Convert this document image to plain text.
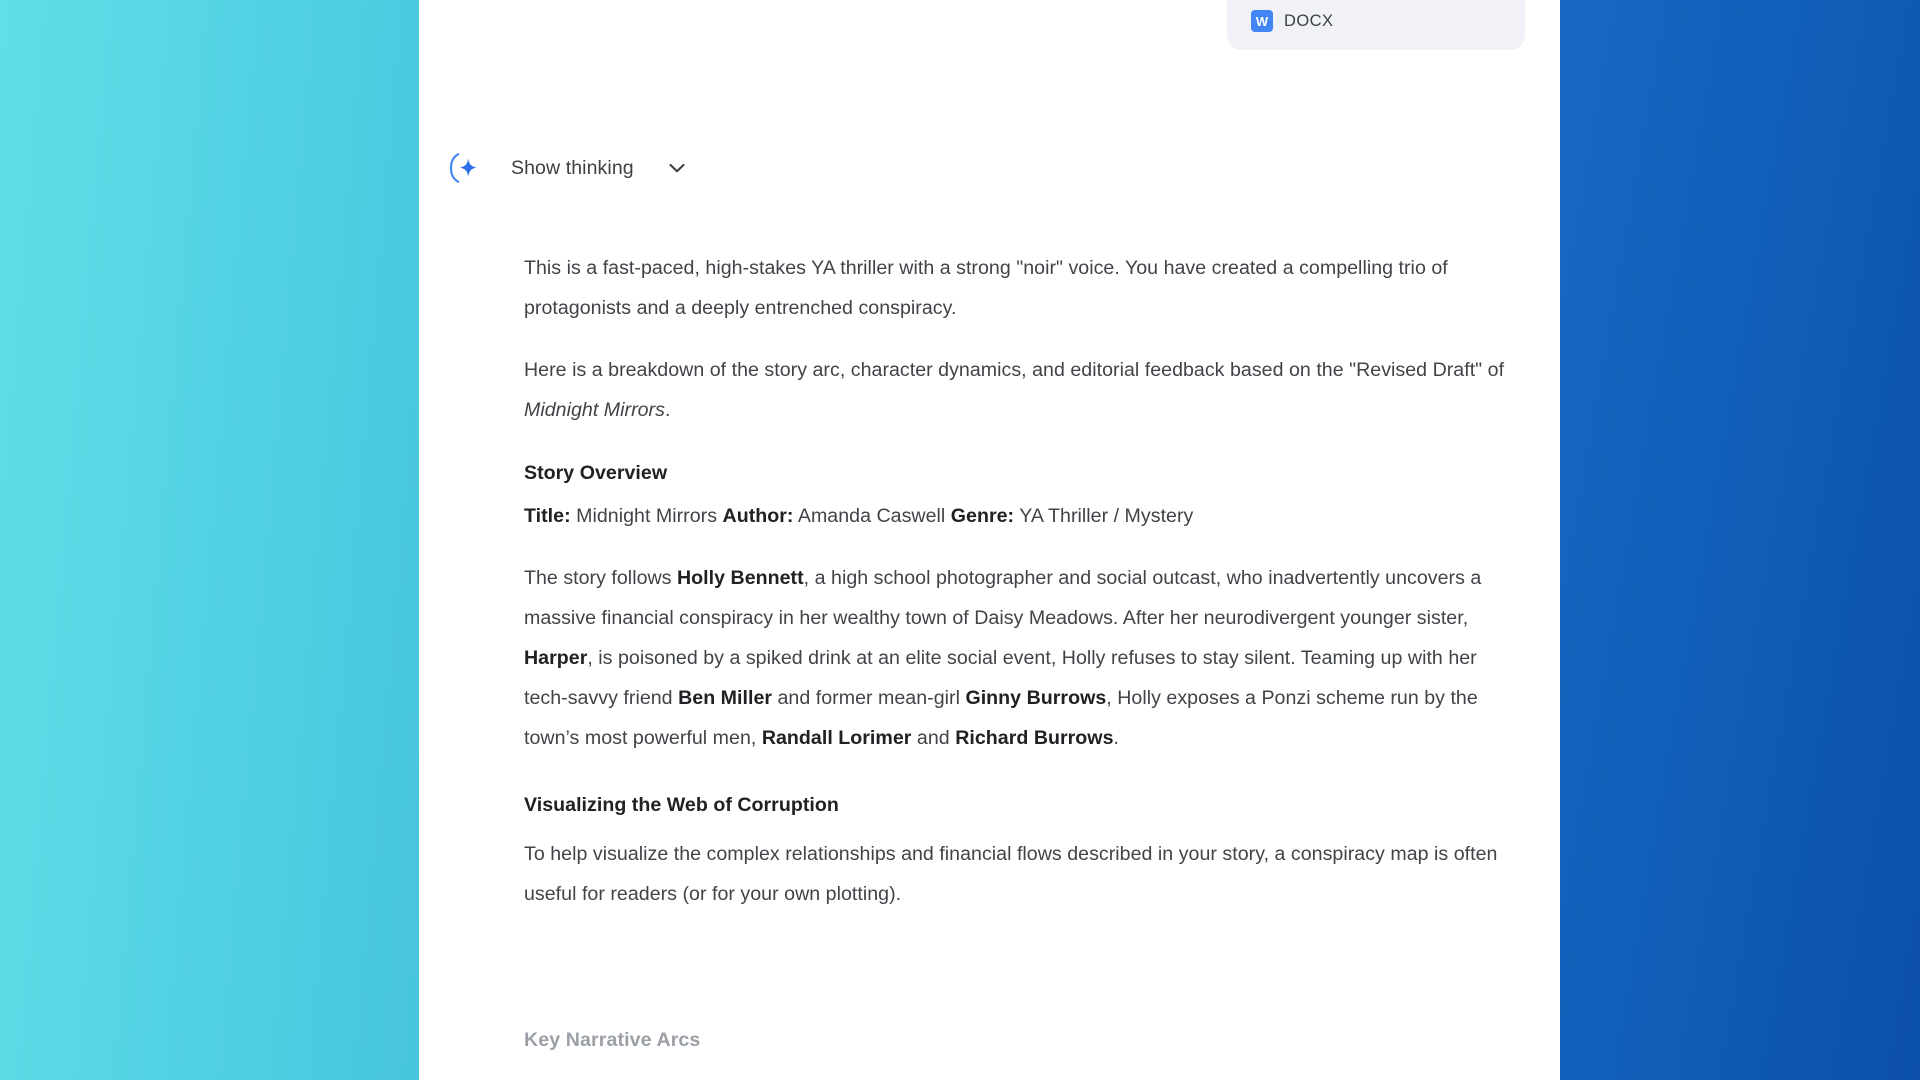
W DOCX
Show thinking

This is a fast-paced, high-stakes YA thriller with a strong "noir" voice. You have created a compelling trio of protagonists and a deeply entrenched conspiracy.

Here is a breakdown of the story arc, character dynamics, and editorial feedback based on the "Revised Draft" of Midnight Mirrors.

Story Overview

Title: Midnight Mirrors Author: Amanda Caswell Genre: YA Thriller / Mystery

The story follows Holly Bennett, a high school photographer and social outcast, who inadvertently uncovers a massive financial conspiracy in her wealthy town of Daisy Meadows. After her neurodivergent younger sister, Harper, is poisoned by a spiked drink at an elite social event, Holly refuses to stay silent. Teaming up with her tech-savvy friend Ben Miller and former mean-girl Ginny Burrows, Holly exposes a Ponzi scheme run by the town’s most powerful men, Randall Lorimer and Richard Burrows.

Visualizing the Web of Corruption

To help visualize the complex relationships and financial flows described in your story, a conspiracy map is often useful for readers (or for your own plotting).

Key Narrative Arcs
